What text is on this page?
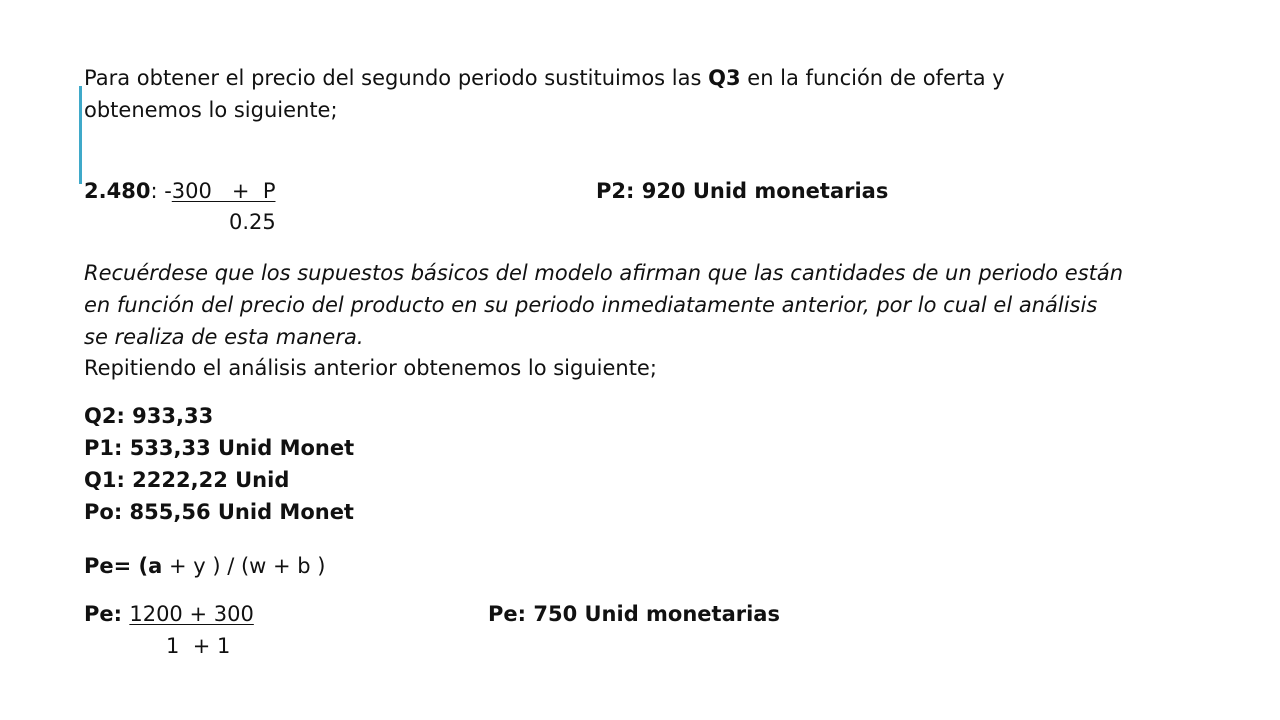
Para obtener el precio del segundo periodo sustituimos las Q3 en la función de oferta y
obtenemos lo siguiente;
2.480: -300   +  P
0.25
P2: 920 Unid monetarias
Recuérdese que los supuestos básicos del modelo afirman que las cantidades de un periodo están
en función del precio del producto en su periodo inmediatamente anterior, por lo cual el análisis
se realiza de esta manera.
Repitiendo el análisis anterior obtenemos lo siguiente;
Q2: 933,33
P1: 533,33 Unid Monet
Q1: 2222,22 Unid
Po: 855,56 Unid Monet
Pe= (a + y ) / (w + b )
Pe: 1200 + 300
1  + 1
Pe: 750 Unid monetarias
